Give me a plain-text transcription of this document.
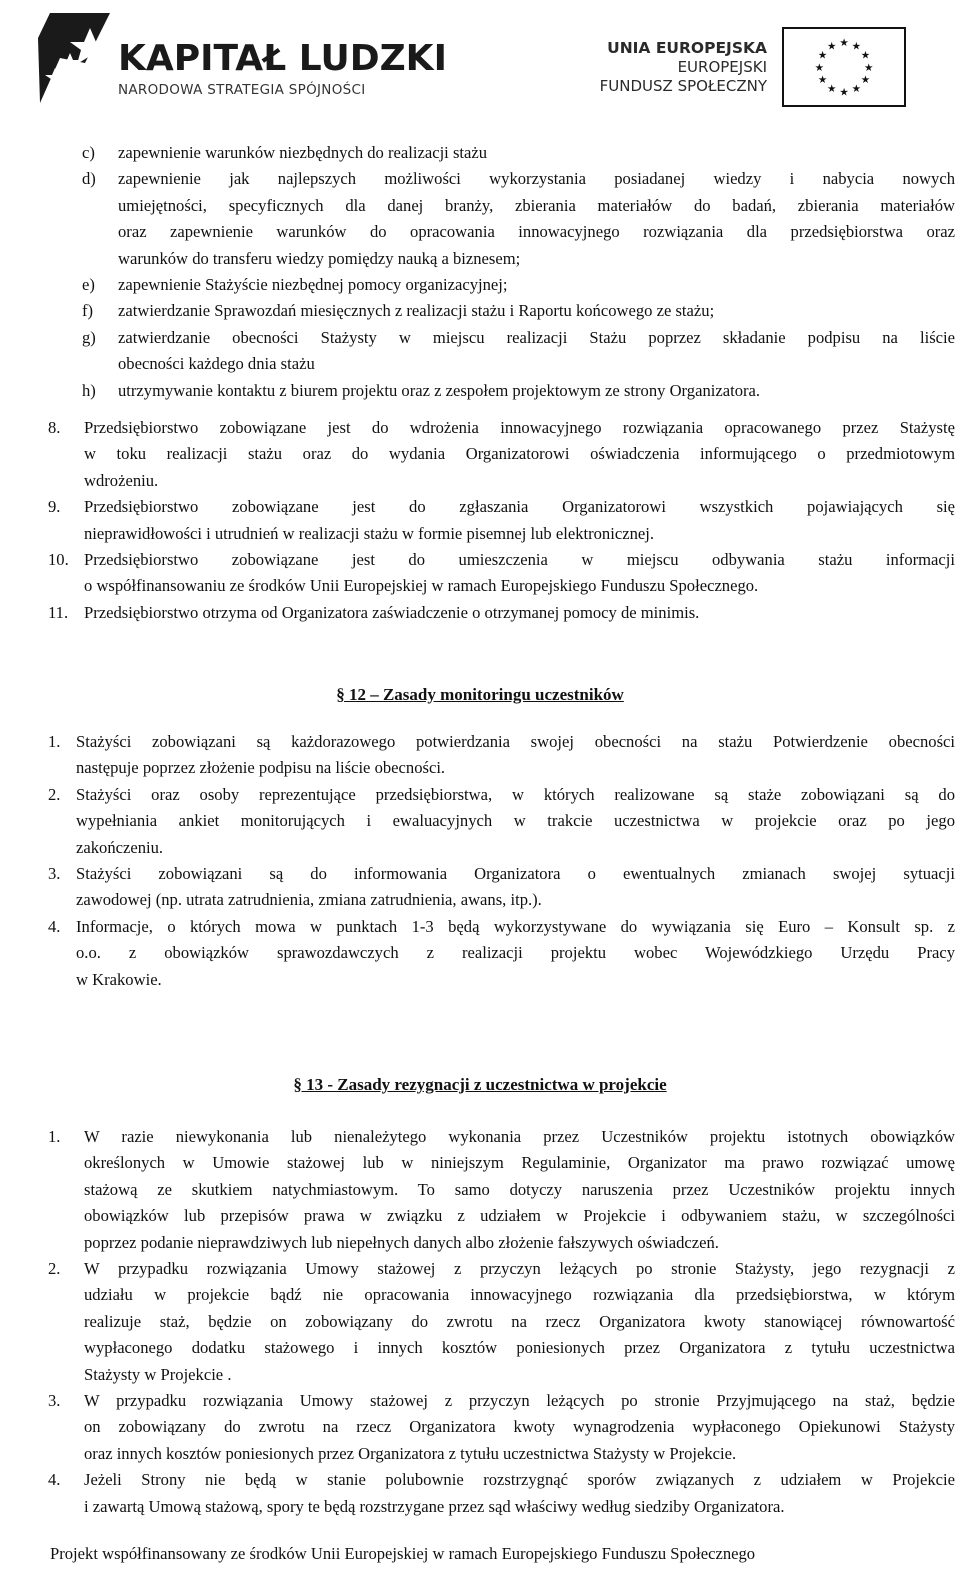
KAPITAŁ LUDZKI
NARODOWA STRATEGIA SPÓJNOŚCI
UNIA EUROPEJSKA
EUROPEJSKI
FUNDUSZ SPOŁECZNY
★ ★
★
★
★
★
★
★
★
★
★
★
c) zapewnienie warunków niezbędnych do realizacji stażu
d) zapewnienie jak najlepszych możliwości wykorzystania posiadanej wiedzy i nabycia nowych
umiejętności, specyficznych dla danej branży, zbierania materiałów do badań, zbierania materiałów
oraz zapewnienie warunków do opracowania innowacyjnego rozwiązania dla przedsiębiorstwa oraz
warunków do transferu wiedzy pomiędzy nauką a biznesem;
e) zapewnienie Stażyście niezbędnej pomocy organizacyjnej;
f) zatwierdzanie Sprawozdań miesięcznych z realizacji stażu i Raportu końcowego ze stażu;
g) zatwierdzanie obecności Stażysty w miejscu realizacji Stażu poprzez składanie podpisu na liście
obecności każdego dnia stażu
h) utrzymywanie kontaktu z biurem projektu oraz z zespołem projektowym ze strony Organizatora.
8. Przedsiębiorstwo zobowiązane jest do wdrożenia innowacyjnego rozwiązania opracowanego przez Stażystę
w toku realizacji stażu oraz do wydania Organizatorowi oświadczenia informującego o przedmiotowym
wdrożeniu.
9. Przedsiębiorstwo zobowiązane jest do zgłaszania Organizatorowi wszystkich pojawiających się
nieprawidłowości i utrudnień w realizacji stażu w formie pisemnej lub elektronicznej.
10. Przedsiębiorstwo zobowiązane jest do umieszczenia w miejscu odbywania stażu informacji
o współfinansowaniu ze środków Unii Europejskiej w ramach Europejskiego Funduszu Społecznego.
11. Przedsiębiorstwo otrzyma od Organizatora zaświadczenie o otrzymanej pomocy de minimis.
§ 12 – Zasady monitoringu uczestników
1. Stażyści zobowiązani są każdorazowego potwierdzania swojej obecności na stażu Potwierdzenie obecności
następuje poprzez złożenie podpisu na liście obecności.
2. Stażyści oraz osoby reprezentujące przedsiębiorstwa, w których realizowane są staże zobowiązani są do
wypełniania ankiet monitorujących i ewaluacyjnych w trakcie uczestnictwa w projekcie oraz po jego
zakończeniu.
3. Stażyści zobowiązani są do informowania Organizatora o ewentualnych zmianach swojej sytuacji
zawodowej (np. utrata zatrudnienia, zmiana zatrudnienia, awans, itp.).
4. Informacje, o których mowa w punktach 1-3 będą wykorzystywane do wywiązania się Euro – Konsult sp. z
o.o. z obowiązków sprawozdawczych z realizacji projektu wobec Wojewódzkiego Urzędu Pracy
w Krakowie.
§ 13 - Zasady rezygnacji z uczestnictwa w projekcie
1. W razie niewykonania lub nienależytego wykonania przez Uczestników projektu istotnych obowiązków
określonych w Umowie stażowej lub w niniejszym Regulaminie, Organizator ma prawo rozwiązać umowę
stażową ze skutkiem natychmiastowym. To samo dotyczy naruszenia przez Uczestników projektu innych
obowiązków lub przepisów prawa w związku z udziałem w Projekcie i odbywaniem stażu, w szczególności
poprzez podanie nieprawdziwych lub niepełnych danych albo złożenie fałszywych oświadczeń.
2. W przypadku rozwiązania Umowy stażowej z przyczyn leżących po stronie Stażysty, jego rezygnacji z
udziału w projekcie bądź nie opracowania innowacyjnego rozwiązania dla przedsiębiorstwa, w którym
realizuje staż, będzie on zobowiązany do zwrotu na rzecz Organizatora kwoty stanowiącej równowartość
wypłaconego dodatku stażowego i innych kosztów poniesionych przez Organizatora z tytułu uczestnictwa
Stażysty w Projekcie .
3. W przypadku rozwiązania Umowy stażowej z przyczyn leżących po stronie Przyjmującego na staż, będzie
on zobowiązany do zwrotu na rzecz Organizatora kwoty wynagrodzenia wypłaconego Opiekunowi Stażysty
oraz innych kosztów poniesionych przez Organizatora z tytułu uczestnictwa Stażysty w Projekcie.
4. Jeżeli Strony nie będą w stanie polubownie rozstrzygnąć sporów związanych z udziałem w Projekcie
i zawartą Umową stażową, spory te będą rozstrzygane przez sąd właściwy według siedziby Organizatora.
Projekt współfinansowany ze środków Unii Europejskiej w ramach Europejskiego Funduszu Społecznego
